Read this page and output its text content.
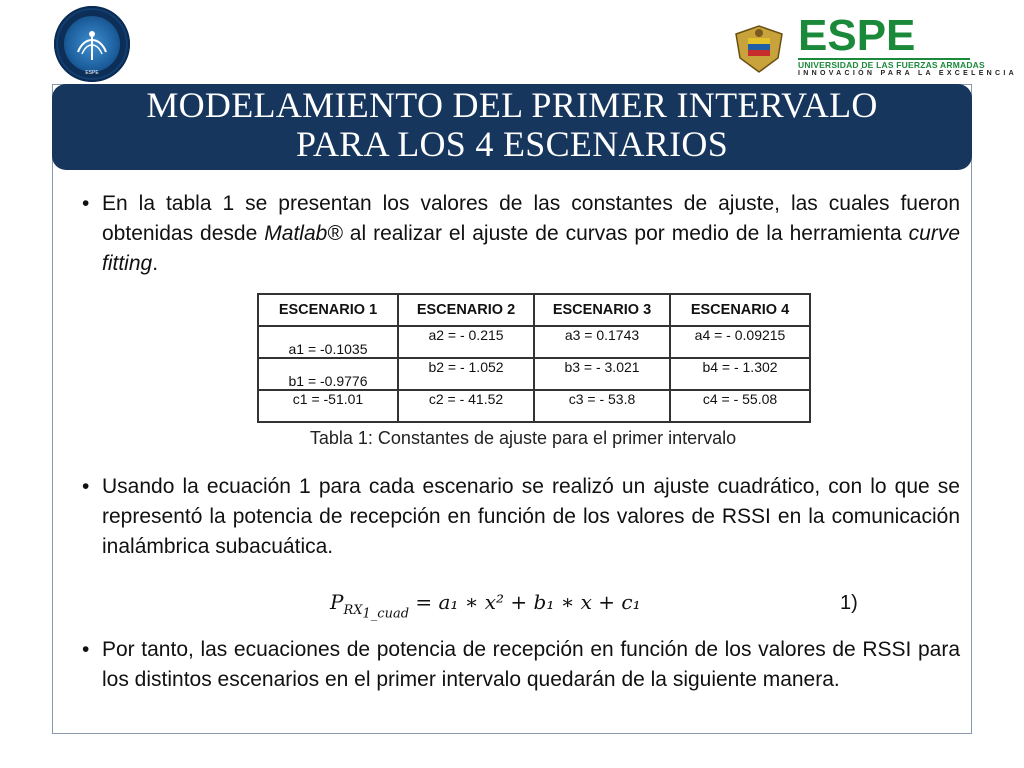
ESPE
ESPE
UNIVERSIDAD DE LAS FUERZAS ARMADAS
INNOVACIÓN PARA LA EXCELENCIA
MODELAMIENTO DEL PRIMER INTERVALO
PARA LOS 4 ESCENARIOS
• En la tabla 1 se presentan los valores de las constantes de ajuste, las cuales fueron obtenidas desde Matlab® al realizar el ajuste de curvas por medio de la herramienta curve fitting.
ESCENARIO 1	ESCENARIO 2	ESCENARIO 3	ESCENARIO 4
a1 = -0.1035	a2 = - 0.215	a3 = 0.1743	a4 = - 0.09215
b1 = -0.9776	b2 = - 1.052	b3 = - 3.021	b4 = - 1.302
c1 = -51.01	c2 = - 41.52	c3 = - 53.8	c4 = - 55.08
Tabla 1: Constantes de ajuste para el primer intervalo
• Usando la ecuación 1 para cada escenario se realizó un ajuste cuadrático, con lo que se representó la potencia de recepción en función de los valores de RSSI en la comunicación inalámbrica subacuática.
$P_{RX_{1\_cuad}} = a_1$ ∗ x² + b₁ ∗ x + c₁	1)
• Por tanto, las ecuaciones de potencia de recepción en función de los valores de RSSI para los distintos escenarios en el primer intervalo quedarán de la siguiente manera.
